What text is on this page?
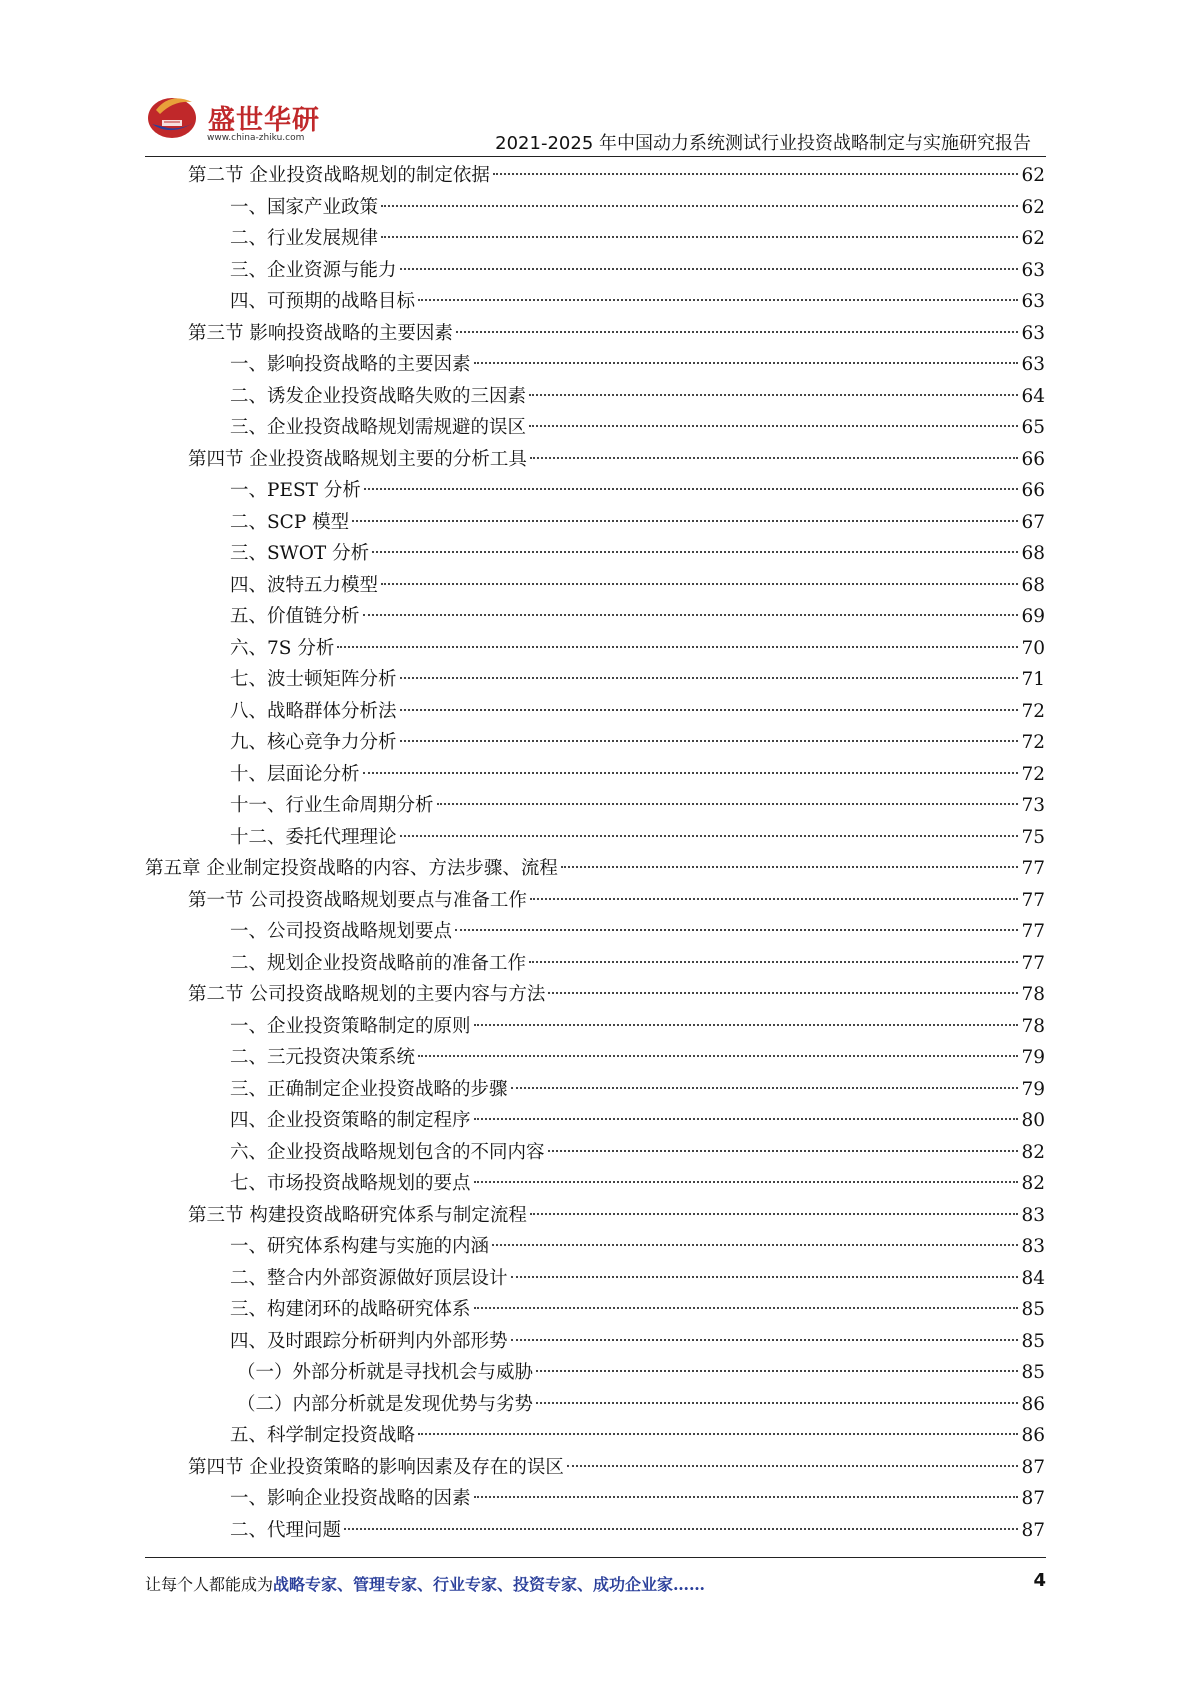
盛世华研
www.china-zhiku.com	2021-2025 年中国动力系统测试行业投资战略制定与实施研究报告
第二节 企业投资战略规划的制定依据	62
一、国家产业政策	62
二、行业发展规律	62
三、企业资源与能力	63
四、可预期的战略目标	63
第三节 影响投资战略的主要因素	63
一、影响投资战略的主要因素	63
二、诱发企业投资战略失败的三因素	64
三、企业投资战略规划需规避的误区	65
第四节 企业投资战略规划主要的分析工具	66
一、PEST 分析	66
二、SCP 模型	67
三、SWOT 分析	68
四、波特五力模型	68
五、价值链分析	69
六、7S 分析	70
七、波士顿矩阵分析	71
八、战略群体分析法	72
九、核心竞争力分析	72
十、层面论分析	72
十一、行业生命周期分析	73
十二、委托代理理论	75
第五章 企业制定投资战略的内容、方法步骤、流程	77
第一节 公司投资战略规划要点与准备工作	77
一、公司投资战略规划要点	77
二、规划企业投资战略前的准备工作	77
第二节 公司投资战略规划的主要内容与方法	78
一、企业投资策略制定的原则	78
二、三元投资决策系统	79
三、正确制定企业投资战略的步骤	79
四、企业投资策略的制定程序	80
六、企业投资战略规划包含的不同内容	82
七、市场投资战略规划的要点	82
第三节 构建投资战略研究体系与制定流程	83
一、研究体系构建与实施的内涵	83
二、整合内外部资源做好顶层设计	84
三、构建闭环的战略研究体系	85
四、及时跟踪分析研判内外部形势	85
（一）外部分析就是寻找机会与威胁	85
（二）内部分析就是发现优势与劣势	86
五、科学制定投资战略	86
第四节 企业投资策略的影响因素及存在的误区	87
一、影响企业投资战略的因素	87
二、代理问题	87
让每个人都能成为战略专家、管理专家、行业专家、投资专家、成功企业家……	4
